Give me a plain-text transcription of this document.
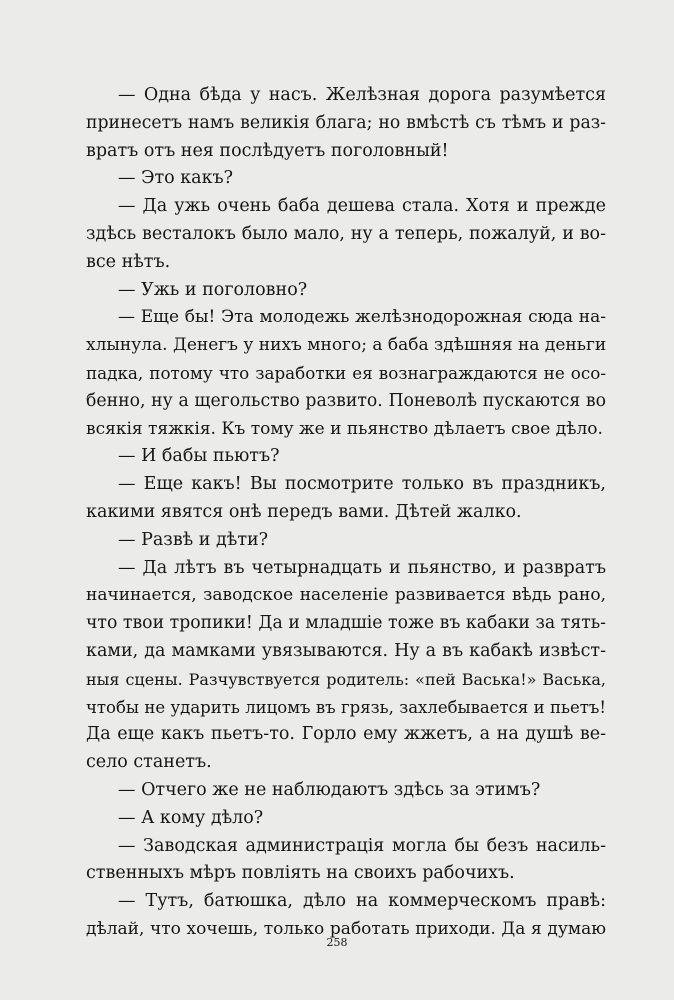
— Одна бѣда у насъ. Желѣзная дорога разумѣется
принесетъ намъ великія блага; но вмѣстѣ съ тѣмъ и раз-
вратъ отъ нея послѣдуетъ поголовный!
— Это какъ?
— Да ужь очень баба дешева стала. Хотя и прежде
здѣсь весталокъ было мало, ну а теперь, пожалуй, и во-
все нѣтъ.
— Ужь и поголовно?
— Еще бы! Эта молодежь желѣзнодорожная сюда на-
хлынула. Денегъ у нихъ много; а баба здѣшняя на деньги
падка, потому что заработки ея вознаграждаются не осо-
бенно, ну а щегольство развито. Поневолѣ пускаются во
всякія тяжкія. Къ тому же и пьянство дѣлаетъ свое дѣло.
— И бабы пьютъ?
— Еще какъ! Вы посмотрите только въ праздникъ,
какими явятся онѣ передъ вами. Дѣтей жалко.
— Развѣ и дѣти?
— Да лѣтъ въ четырнадцать и пьянство, и развратъ
начинается, заводское населеніе развивается вѣдь рано,
что твои тропики! Да и младшіе тоже въ кабаки за тять-
ками, да мамками увязываются. Ну а въ кабакѣ извѣст-
ныя сцены. Разчувствуется родитель: «пей Васька!» Васька,
чтобы не ударить лицомъ въ грязь, захлебывается и пьетъ!
Да еще какъ пьетъ-то. Горло ему жжетъ, а на душѣ ве-
село станетъ.
— Отчего же не наблюдаютъ здѣсь за этимъ?
— А кому дѣло?
— Заводская администрація могла бы безъ насиль-
ственныхъ мѣръ повліять на своихъ рабочихъ.
— Тутъ, батюшка, дѣло на коммерческомъ правѣ:
дѣлай, что хочешь, только работать приходи. Да я думаю
258
